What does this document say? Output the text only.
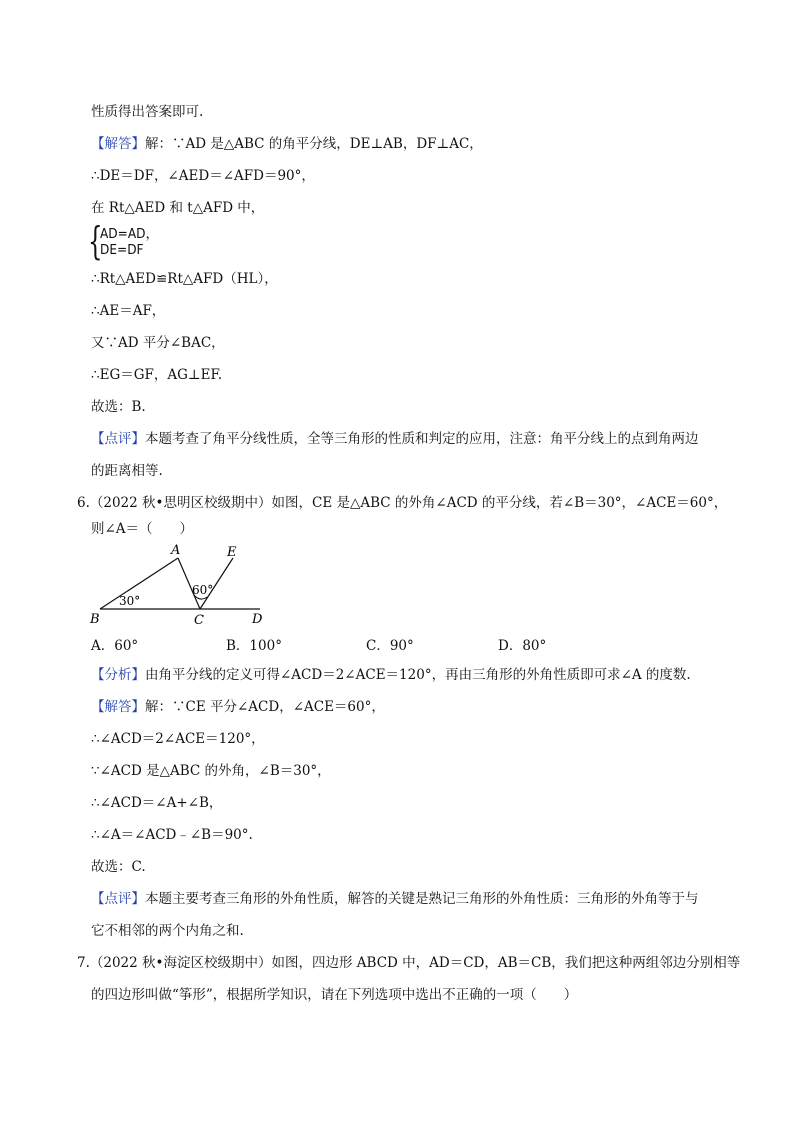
性质得出答案即可.
【解答】解：∵AD 是△ABC 的角平分线，DE⊥AB，DF⊥AC，
∴DE＝DF，∠AED＝∠AFD＝90°，
在 Rt△AED 和 t△AFD 中，
{
AD=AD，
DE=DF
∴Rt△AED≌Rt△AFD（HL），
∴AE＝AF，
又∵AD 平分∠BAC，
∴EG＝GF，AG⊥EF.
故选：B.
【点评】本题考查了角平分线性质，全等三角形的性质和判定的应用，注意：角平分线上的点到角两边
的距离相等.
6.（2022 秋•思明区校级期中）如图，CE 是△ABC 的外角∠ACD 的平分线，若∠B＝30°，∠ACE＝60°，
则∠A＝（　　）
A
B	C	D
E
30°
60°
A．60°	B．100°	C．90°	D．80°
【分析】由角平分线的定义可得∠ACD＝2∠ACE＝120°，再由三角形的外角性质即可求∠A 的度数.
【解答】解：∵CE 平分∠ACD，∠ACE＝60°，
∴∠ACD＝2∠ACE＝120°，
∵∠ACD 是△ABC 的外角，∠B＝30°，
∴∠ACD＝∠A+∠B，
∴∠A＝∠ACD﹣∠B＝90°.
故选：C.
【点评】本题主要考查三角形的外角性质，解答的关键是熟记三角形的外角性质：三角形的外角等于与
它不相邻的两个内角之和.
7.（2022 秋•海淀区校级期中）如图，四边形 ABCD 中，AD＝CD，AB＝CB，我们把这种两组邻边分别相等
的四边形叫做“筝形”，根据所学知识，请在下列选项中选出不正确的一项（　　）
